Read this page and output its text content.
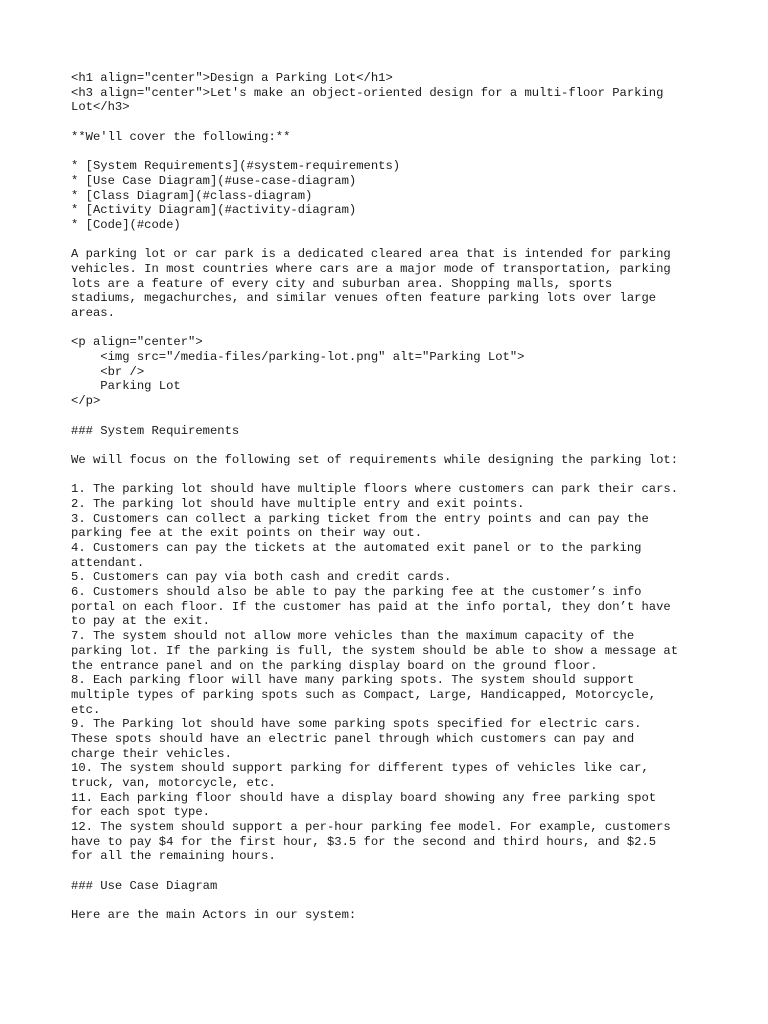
<h1 align="center">Design a Parking Lot</h1>
<h3 align="center">Let's make an object-oriented design for a multi-floor Parking
Lot</h3>
**We'll cover the following:**
* [System Requirements](#system-requirements)
* [Use Case Diagram](#use-case-diagram)
* [Class Diagram](#class-diagram)
* [Activity Diagram](#activity-diagram)
* [Code](#code)
A parking lot or car park is a dedicated cleared area that is intended for parking
vehicles. In most countries where cars are a major mode of transportation, parking
lots are a feature of every city and suburban area. Shopping malls, sports
stadiums, megachurches, and similar venues often feature parking lots over large
areas.
<p align="center">
<img src="/media-files/parking-lot.png" alt="Parking Lot">
<br />
Parking Lot
</p>
### System Requirements
We will focus on the following set of requirements while designing the parking lot:
1. The parking lot should have multiple floors where customers can park their cars.
2. The parking lot should have multiple entry and exit points.
3. Customers can collect a parking ticket from the entry points and can pay the
parking fee at the exit points on their way out.
4. Customers can pay the tickets at the automated exit panel or to the parking
attendant.
5. Customers can pay via both cash and credit cards.
6. Customers should also be able to pay the parking fee at the customer’s info
portal on each floor. If the customer has paid at the info portal, they don’t have
to pay at the exit.
7. The system should not allow more vehicles than the maximum capacity of the
parking lot. If the parking is full, the system should be able to show a message at
the entrance panel and on the parking display board on the ground floor.
8. Each parking floor will have many parking spots. The system should support
multiple types of parking spots such as Compact, Large, Handicapped, Motorcycle,
etc.
9. The Parking lot should have some parking spots specified for electric cars.
These spots should have an electric panel through which customers can pay and
charge their vehicles.
10. The system should support parking for different types of vehicles like car,
truck, van, motorcycle, etc.
11. Each parking floor should have a display board showing any free parking spot
for each spot type.
12. The system should support a per-hour parking fee model. For example, customers
have to pay $4 for the first hour, $3.5 for the second and third hours, and $2.5
for all the remaining hours.
### Use Case Diagram
Here are the main Actors in our system:
